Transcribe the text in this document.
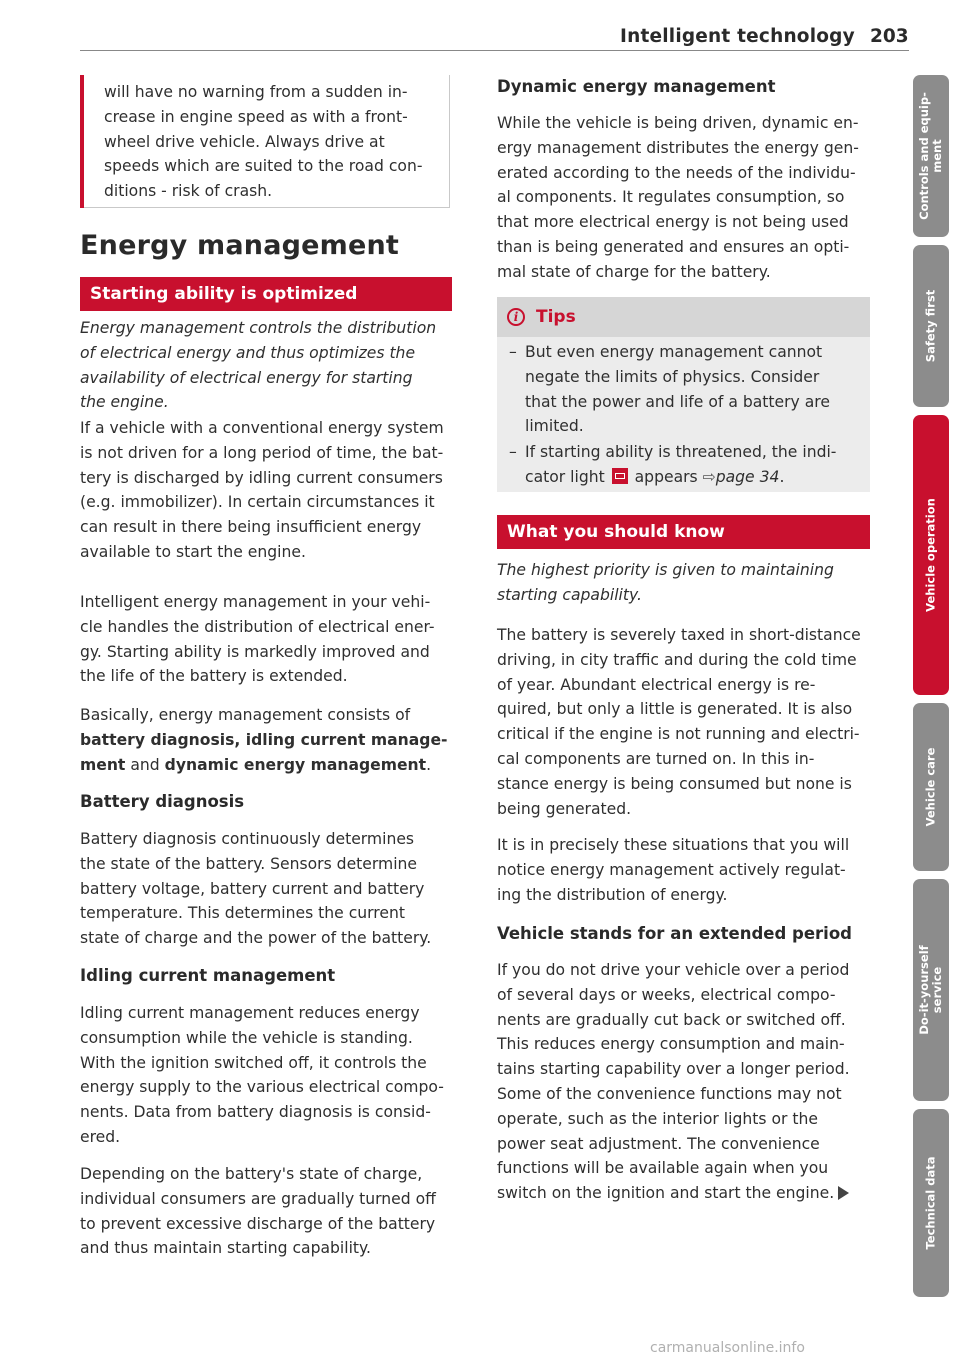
Intelligent technology 203
will have no warning from a sudden in-
crease in engine speed as with a front-
wheel drive vehicle. Always drive at
speeds which are suited to the road con-
ditions - risk of crash.
Energy management
Starting ability is optimized
Energy management controls the distribution
of electrical energy and thus optimizes the
availability of electrical energy for starting
the engine.
If a vehicle with a conventional energy system
is not driven for a long period of time, the bat-
tery is discharged by idling current consumers
(e.g. immobilizer). In certain circumstances it
can result in there being insufficient energy
available to start the engine.
Intelligent energy management in your vehi-
cle handles the distribution of electrical ener-
gy. Starting ability is markedly improved and
the life of the battery is extended.
Basically, energy management consists of
battery diagnosis, idling current manage-
ment and dynamic energy management.
Battery diagnosis
Battery diagnosis continuously determines
the state of the battery. Sensors determine
battery voltage, battery current and battery
temperature. This determines the current
state of charge and the power of the battery.
Idling current management
Idling current management reduces energy
consumption while the vehicle is standing.
With the ignition switched off, it controls the
energy supply to the various electrical compo-
nents. Data from battery diagnosis is consid-
ered.
Depending on the battery's state of charge,
individual consumers are gradually turned off
to prevent excessive discharge of the battery
and thus maintain starting capability.
Dynamic energy management
While the vehicle is being driven, dynamic en-
ergy management distributes the energy gen-
erated according to the needs of the individu-
al components. It regulates consumption, so
that more electrical energy is not being used
than is being generated and ensures an opti-
mal state of charge for the battery.
i	Tips
– But even energy management cannot
negate the limits of physics. Consider
that the power and life of a battery are
limited.
– If starting ability is threatened, the indi-
cator light  appears ⇨page 34.
What you should know
The highest priority is given to maintaining
starting capability.
The battery is severely taxed in short-distance
driving, in city traffic and during the cold time
of year. Abundant electrical energy is re-
quired, but only a little is generated. It is also
critical if the engine is not running and electri-
cal components are turned on. In this in-
stance energy is being consumed but none is
being generated.
It is in precisely these situations that you will
notice energy management actively regulat-
ing the distribution of energy.
Vehicle stands for an extended period
If you do not drive your vehicle over a period
of several days or weeks, electrical compo-
nents are gradually cut back or switched off.
This reduces energy consumption and main-
tains starting capability over a longer period.
Some of the convenience functions may not
operate, such as the interior lights or the
power seat adjustment. The convenience
functions will be available again when you
switch on the ignition and start the engine.
Controls and equip- ment
Safety first
Vehicle operation
Vehicle care
Do-it-yourself service
Technical data
carmanualsonline.info
